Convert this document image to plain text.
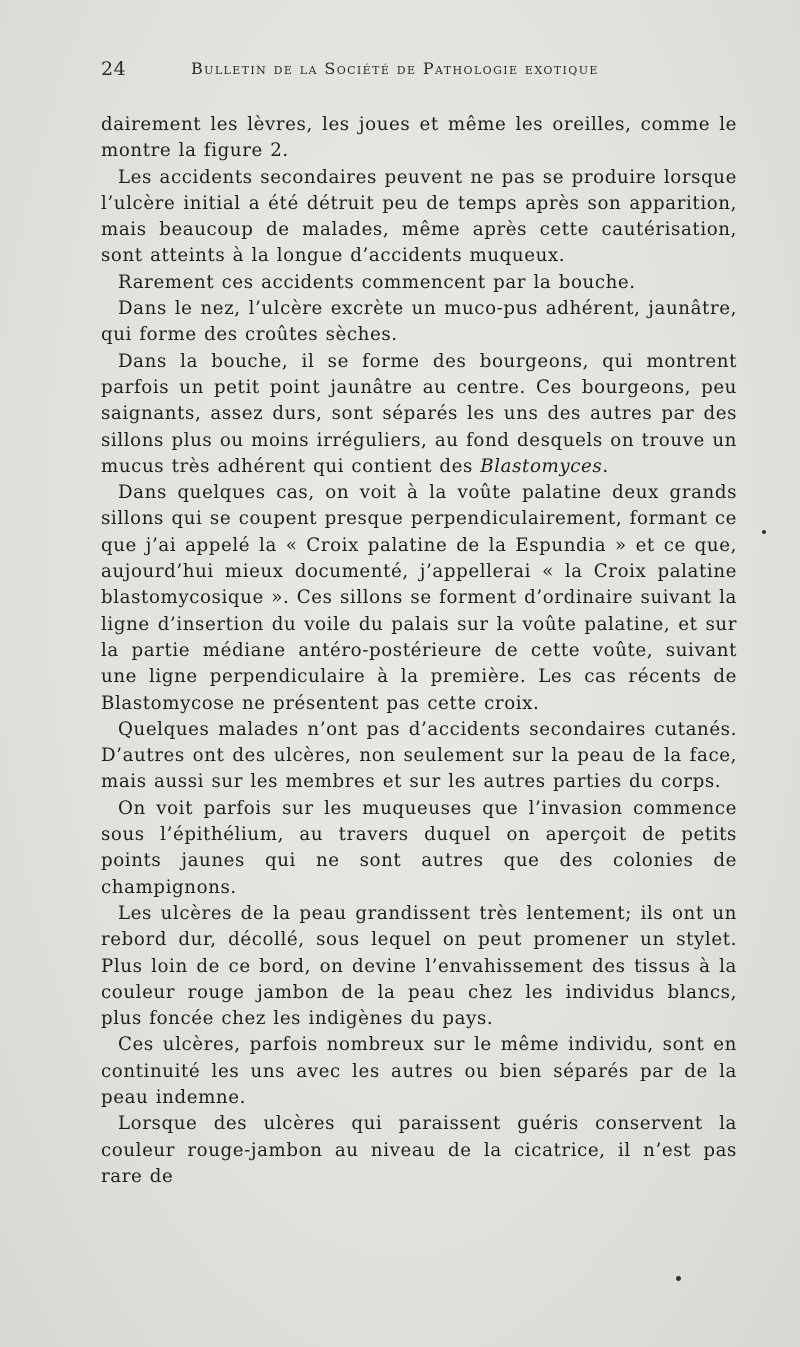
24	Bulletin de la Société de Pathologie exotique

dairement les lèvres, les joues et même les oreilles, comme le montre la figure 2.

Les accidents secondaires peuvent ne pas se produire lorsque l’ulcère initial a été détruit peu de temps après son apparition, mais beaucoup de malades, même après cette cautérisation, sont atteints à la longue d’accidents muqueux.

Rarement ces accidents commencent par la bouche.

Dans le nez, l’ulcère excrète un muco-pus adhérent, jaunâtre, qui forme des croûtes sèches.

Dans la bouche, il se forme des bourgeons, qui montrent parfois un petit point jaunâtre au centre. Ces bourgeons, peu saignants, assez durs, sont séparés les uns des autres par des sillons plus ou moins irréguliers, au fond desquels on trouve un mucus très adhérent qui contient des Blastomyces.

Dans quelques cas, on voit à la voûte palatine deux grands sillons qui se coupent presque perpendiculairement, formant ce que j’ai appelé la « Croix palatine de la Espundia » et ce que, aujourd’hui mieux documenté, j’appellerai « la Croix palatine blastomycosique ». Ces sillons se forment d’ordinaire suivant la ligne d’insertion du voile du palais sur la voûte palatine, et sur la partie médiane antéro-postérieure de cette voûte, suivant une ligne perpendiculaire à la première. Les cas récents de Blastomycose ne présentent pas cette croix.

Quelques malades n’ont pas d’accidents secondaires cutanés. D’autres ont des ulcères, non seulement sur la peau de la face, mais aussi sur les membres et sur les autres parties du corps.

On voit parfois sur les muqueuses que l’invasion commence sous l’épithélium, au travers duquel on aperçoit de petits points jaunes qui ne sont autres que des colonies de champignons.

Les ulcères de la peau grandissent très lentement; ils ont un rebord dur, décollé, sous lequel on peut promener un stylet. Plus loin de ce bord, on devine l’envahissement des tissus à la couleur rouge jambon de la peau chez les individus blancs, plus foncée chez les indigènes du pays.

Ces ulcères, parfois nombreux sur le même individu, sont en continuité les uns avec les autres ou bien séparés par de la peau indemne.

Lorsque des ulcères qui paraissent guéris conservent la couleur rouge-jambon au niveau de la cicatrice, il n’est pas rare de
